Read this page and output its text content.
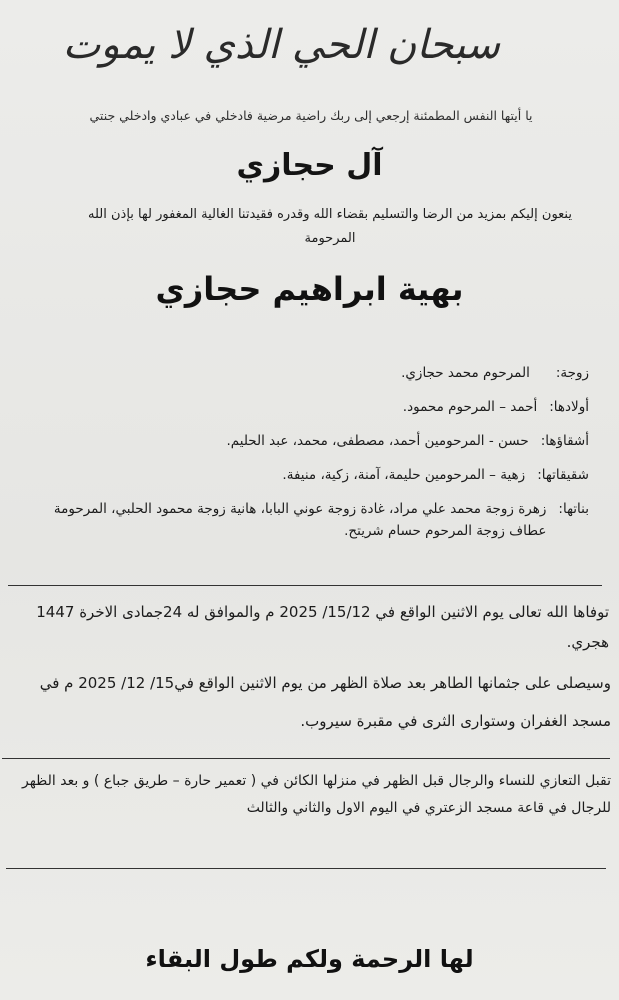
سبحان الحي الذي لا يموت
يا أيتها النفس المطمئنة إرجعي إلى ربك راضية مرضية فادخلي في عبادي وادخلي جنتي
آل حجازي
ينعون إليكم بمزيد من الرضا والتسليم بقضاء الله وقدره فقيدتنا الغالية المغفور لها بإذن الله المرحومة
بهية ابراهيم حجازي
زوجة:
المرحوم محمد حجازي.
أولادها:
أحمد – المرحوم محمود.
أشقاؤها:
حسن - المرحومين أحمد، مصطفى، محمد، عبد الحليم.
شقيقاتها:
زهية – المرحومين حليمة، آمنة، زكية، منيفة.
بناتها:
زهرة زوجة محمد علي مراد، غادة زوجة عوني البابا، هانية زوجة محمود الحلبي، المرحومة عطاف زوجة المرحوم حسام شريتح.
توفاها الله تعالى يوم الاثنين الواقع في 15/12/ 2025 م والموافق له 24جمادى الاخرة 1447 هجري.
وسيصلى على جثمانها الطاهر بعد صلاة الظهر من يوم الاثنين الواقع في15/ 12/ 2025 م في مسجد الغفران وستوارى الثرى في مقبرة سيروب.
تقبل التعازي للنساء والرجال قبل الظهر في منزلها الكائن في ( تعمير حارة – طريق جباع ) و بعد الظهر للرجال في قاعة مسجد الزعتري في اليوم الاول والثاني والثالث
لها الرحمة ولكم طول البقاء
